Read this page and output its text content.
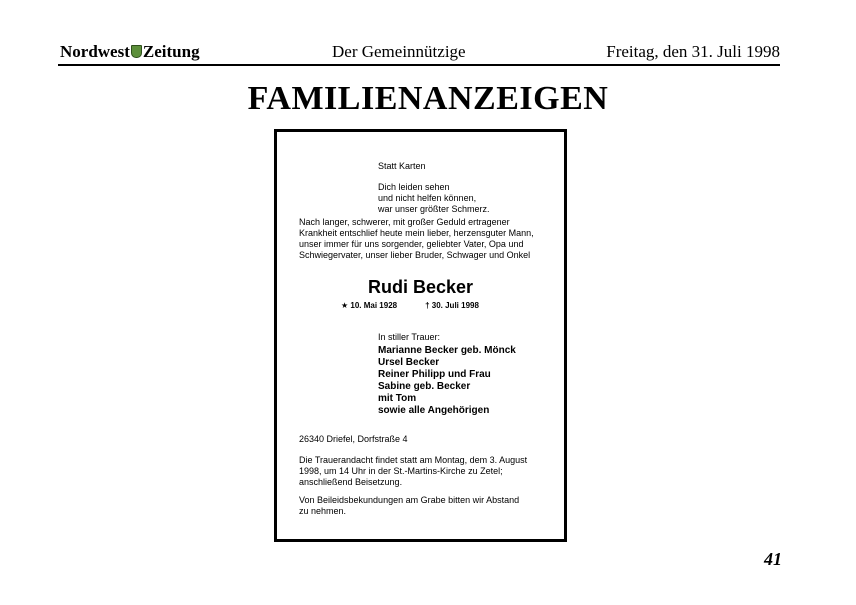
Nordwest Zeitung	Der Gemeinnützige	Freitag, den 31. Juli 1998
FAMILIENANZEIGEN
Statt Karten
Dich leiden sehen
und nicht helfen können,
war unser größter Schmerz.
Nach langer, schwerer, mit großer Geduld ertragener
Krankheit entschlief heute mein lieber, herzensguter Mann,
unser immer für uns sorgender, geliebter Vater, Opa und
Schwiegervater, unser lieber Bruder, Schwager und Onkel
Rudi Becker
★ 10. Mai 1928	† 30. Juli 1998
In stiller Trauer:
Marianne Becker geb. Mönck
Ursel Becker
Reiner Philipp und Frau
Sabine geb. Becker
mit Tom
sowie alle Angehörigen
26340 Driefel, Dorfstraße 4
Die Trauerandacht findet statt am Montag, dem 3. August
1998, um 14 Uhr in der St.-Martins-Kirche zu Zetel;
anschließend Beisetzung.
Von Beileidsbekundungen am Grabe bitten wir Abstand
zu nehmen.
41
